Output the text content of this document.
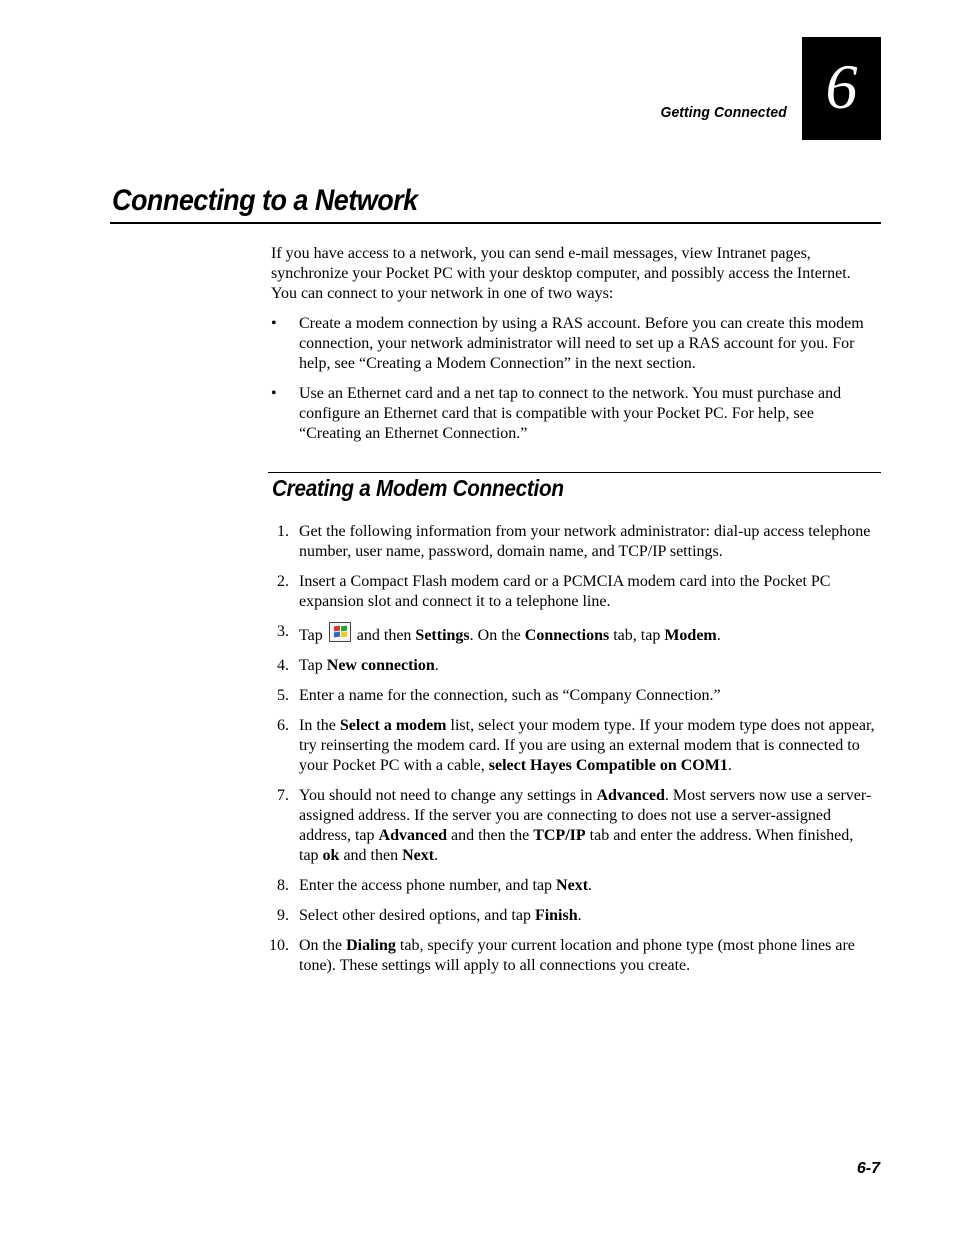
Getting Connected 6
Connecting to a Network

If you have access to a network, you can send e-mail messages, view Intranet pages, synchronize your Pocket PC with your desktop computer, and possibly access the Internet. You can connect to your network in one of two ways:

• Create a modem connection by using a RAS account. Before you can create this modem connection, your network administrator will need to set up a RAS account for you. For help, see “Creating a Modem Connection” in the next section.
• Use an Ethernet card and a net tap to connect to the network. You must purchase and configure an Ethernet card that is compatible with your Pocket PC. For help, see “Creating an Ethernet Connection.”
Creating a Modem Connection
1. Get the following information from your network administrator: dial-up access telephone number, user name, password, domain name, and TCP/IP settings.
2. Insert a Compact Flash modem card or a PCMCIA modem card into the Pocket PC expansion slot and connect it to a telephone line.
3. Tap and then Settings. On the Connections tab, tap Modem.
4. Tap New connection.
5. Enter a name for the connection, such as “Company Connection.”
6. In the Select a modem list, select your modem type. If your modem type does not appear, try reinserting the modem card. If you are using an external modem that is connected to your Pocket PC with a cable, select Hayes Compatible on COM1.
7. You should not need to change any settings in Advanced. Most servers now use a server-assigned address. If the server you are connecting to does not use a server-assigned address, tap Advanced and then the TCP/IP tab and enter the address. When finished, tap ok and then Next.
8. Enter the access phone number, and tap Next.
9. Select other desired options, and tap Finish.
10. On the Dialing tab, specify your current location and phone type (most phone lines are tone). These settings will apply to all connections you create.
6-7
